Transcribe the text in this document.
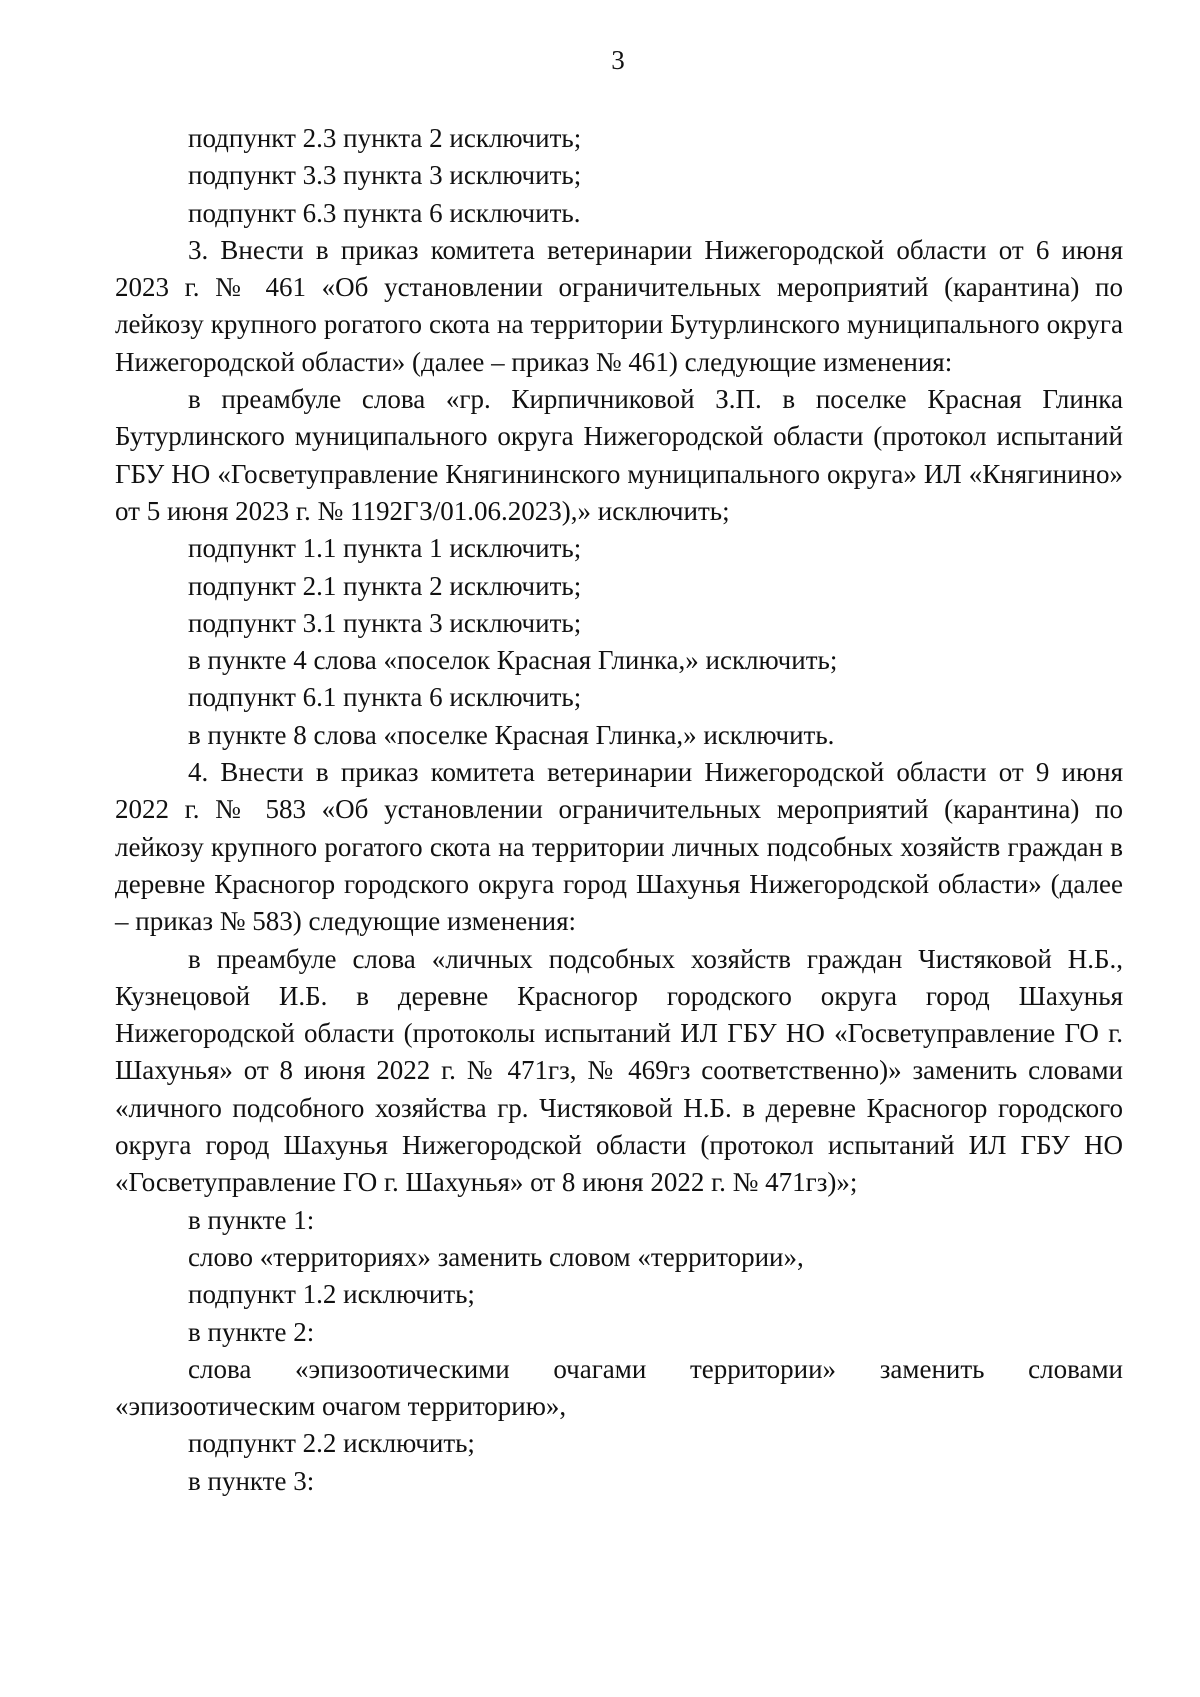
3

подпункт 2.3 пункта 2 исключить;

подпункт 3.3 пункта 3 исключить;

подпункт 6.3 пункта 6 исключить.

3. Внести в приказ комитета ветеринарии Нижегородской области от 6 июня 2023 г. № 461 «Об установлении ограничительных мероприятий (карантина) по лейкозу крупного рогатого скота на территории Бутурлинского муниципального округа Нижегородской области» (далее – приказ № 461) следующие изменения:

в преамбуле слова «гр. Кирпичниковой З.П. в поселке Красная Глинка Бутурлинского муниципального округа Нижегородской области (протокол испытаний ГБУ НО «Госветуправление Княгининского муниципального округа» ИЛ «Княгинино» от 5 июня 2023 г. № 1192ГЗ/01.06.2023),» исключить;

подпункт 1.1 пункта 1 исключить;

подпункт 2.1 пункта 2 исключить;

подпункт 3.1 пункта 3 исключить;

в пункте 4 слова «поселок Красная Глинка,» исключить;

подпункт 6.1 пункта 6 исключить;

в пункте 8 слова «поселке Красная Глинка,» исключить.

4. Внести в приказ комитета ветеринарии Нижегородской области от 9 июня 2022 г. № 583 «Об установлении ограничительных мероприятий (карантина) по лейкозу крупного рогатого скота на территории личных подсобных хозяйств граждан в деревне Красногор городского округа город Шахунья Нижегородской области» (далее – приказ № 583) следующие изменения:

в преамбуле слова «личных подсобных хозяйств граждан Чистяковой Н.Б., Кузнецовой И.Б. в деревне Красногор городского округа город Шахунья Нижегородской области (протоколы испытаний ИЛ ГБУ НО «Госветуправление ГО г. Шахунья» от 8 июня 2022 г. № 471гз, № 469гз соответственно)» заменить словами «личного подсобного хозяйства гр. Чистяковой Н.Б. в деревне Красногор городского округа город Шахунья Нижегородской области (протокол испытаний ИЛ ГБУ НО «Госветуправление ГО г. Шахунья» от 8 июня 2022 г. № 471гз)»;

в пункте 1:

слово «территориях» заменить словом «территории»,

подпункт 1.2 исключить;

в пункте 2:

слова «эпизоотическими очагами территории» заменить словами «эпизоотическим очагом территорию»,

подпункт 2.2 исключить;

в пункте 3:
